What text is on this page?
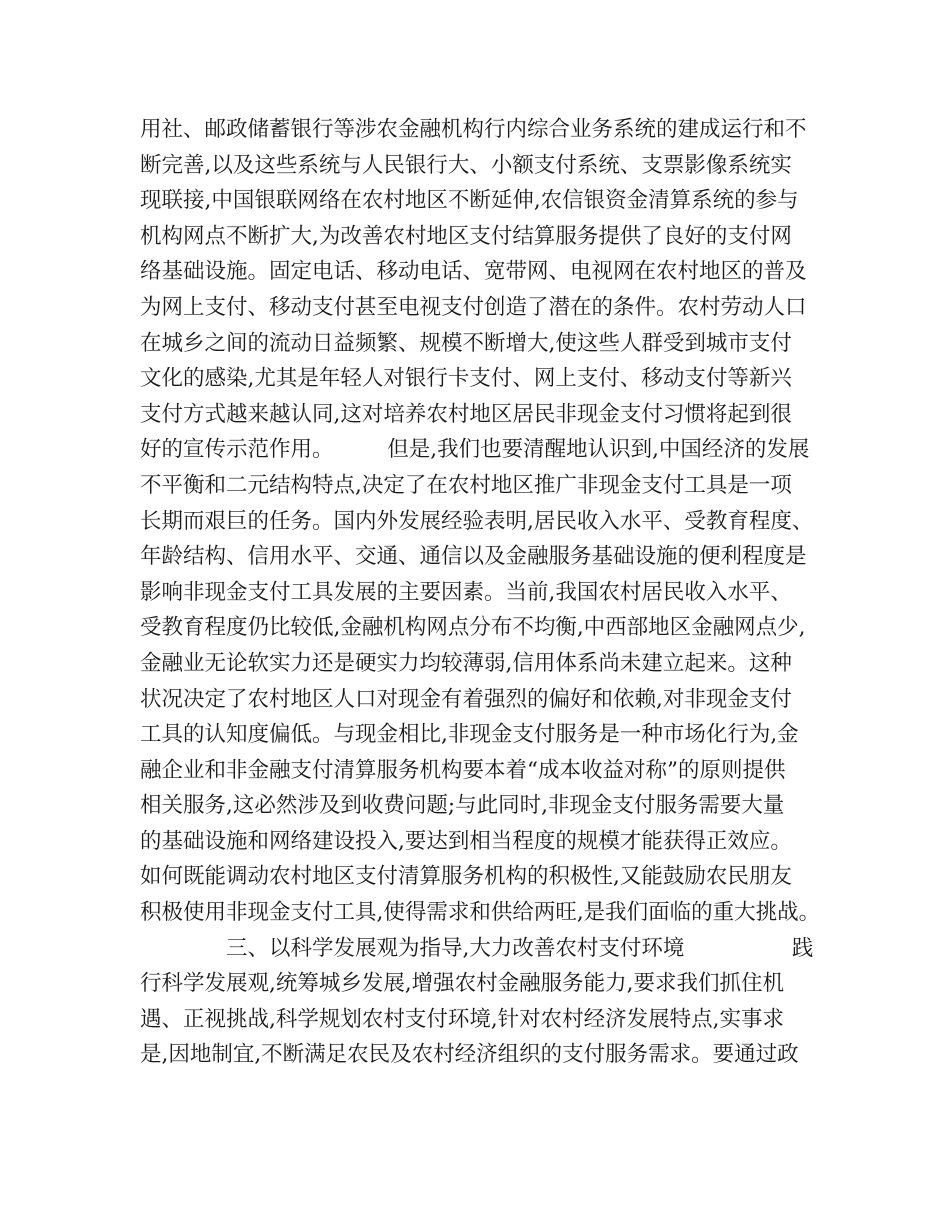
用社、邮政储蓄银行等涉农金融机构行内综合业务系统的建成运行和不
断完善,以及这些系统与人民银行大、小额支付系统、支票影像系统实
现联接,中国银联网络在农村地区不断延伸,农信银资金清算系统的参与
机构网点不断扩大,为改善农村地区支付结算服务提供了良好的支付网
络基础设施。固定电话、移动电话、宽带网、电视网在农村地区的普及
为网上支付、移动支付甚至电视支付创造了潜在的条件。农村劳动人口
在城乡之间的流动日益频繁、规模不断增大,使这些人群受到城市支付
文化的感染,尤其是年轻人对银行卡支付、网上支付、移动支付等新兴
支付方式越来越认同,这对培养农村地区居民非现金支付习惯将起到很
好的宣传示范作用。　　　但是,我们也要清醒地认识到,中国经济的发展
不平衡和二元结构特点,决定了在农村地区推广非现金支付工具是一项
长期而艰巨的任务。国内外发展经验表明,居民收入水平、受教育程度、
年龄结构、信用水平、交通、通信以及金融服务基础设施的便利程度是
影响非现金支付工具发展的主要因素。当前,我国农村居民收入水平、
受教育程度仍比较低,金融机构网点分布不均衡,中西部地区金融网点少,
金融业无论软实力还是硬实力均较薄弱,信用体系尚未建立起来。这种
状况决定了农村地区人口对现金有着强烈的偏好和依赖,对非现金支付
工具的认知度偏低。与现金相比,非现金支付服务是一种市场化行为,金
融企业和非金融支付清算服务机构要本着“成本收益对称”的原则提供
相关服务,这必然涉及到收费问题;与此同时,非现金支付服务需要大量
的基础设施和网络建设投入,要达到相当程度的规模才能获得正效应。
如何既能调动农村地区支付清算服务机构的积极性,又能鼓励农民朋友
积极使用非现金支付工具,使得需求和供给两旺,是我们面临的重大挑战。
　　　　三、以科学发展观为指导,大力改善农村支付环境　　　　　践
行科学发展观,统筹城乡发展,增强农村金融服务能力,要求我们抓住机
遇、正视挑战,科学规划农村支付环境,针对农村经济发展特点,实事求
是,因地制宜,不断满足农民及农村经济组织的支付服务需求。要通过政
